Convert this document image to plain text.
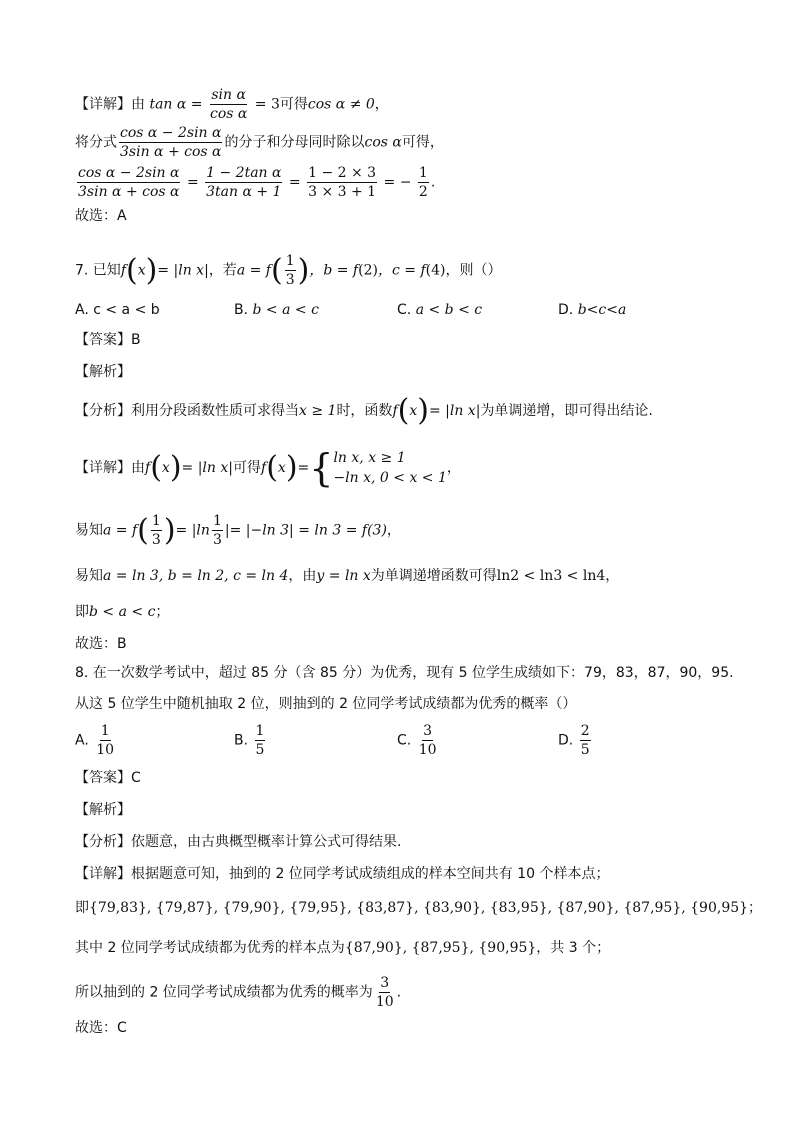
【详解】由 $\tan \alpha = \frac{\text{sin α}}{\text{cos α}} = 3$可得cos α ≠ 0，
将分式 $\frac{\text{cos α − 2sin α}}{\text{3sin α + cos α}}$ 的分子和分母同时除以cos α可得，
$\frac{\text{cos α − 2sin α}}{\text{3sin α + cos α}} = \frac{\text{1 − 2tan α}}{\text{3tan α + 1}} = \frac{1 - 2 \times 3}{3 \times 3 + 1}$ = − $\frac{1}{2}$ .
故选：A
7. 已知f(x)= |ln x|，若$a = f( \frac{1}{3}$ )，b = f(2)，c = f(4)，则（）
A. c < a < b	B. b < a < c	C. a < b < c	D. b<c<a
【答案】B
【解析】
【分析】利用分段函数性质可求得当x ≥ 1时，函数f(x)= |ln x|为单调递增，即可得出结论.
【详解】由f(x)= |ln x|可得f(x)={ ln x, x ≥ 1
−ln x, 0 < x < 1
，
易知$a = f( \frac{1}{3}$ )= $|\ln \frac{1}{3}$ |= |−ln 3| = ln 3 = f(3)，
易知a = ln 3, b = ln 2, c = ln 4，由y = ln x为单调递增函数可得ln2 < ln3 < ln4，
即b < a < c；
故选：B
8. 在一次数学考试中，超过 85 分（含 85 分）为优秀，现有 5 位学生成绩如下：79，83，87，90，95.
从这 5 位学生中随机抽取 2 位，则抽到的 2 位同学考试成绩都为优秀的概率（）
A. $\frac{1}{10}$	B. $\frac{1}{5}$	C. $\frac{3}{10}$	D. $\frac{2}{5}$
【答案】C
【解析】
【分析】依题意，由古典概型概率计算公式可得结果.
【详解】根据题意可知，抽到的 2 位同学考试成绩组成的样本空间共有 10 个样本点；
即{79,83}, {79,87}, {79,90}, {79,95}, {83,87}, {83,90}, {83,95}, {87,90}, {87,95}, {90,95}；
其中 2 位同学考试成绩都为优秀的样本点为{87,90}, {87,95}, {90,95}，共 3 个；
所以抽到的 2 位同学考试成绩都为优秀的概率为 $\frac{3}{10}$ .
故选：C
